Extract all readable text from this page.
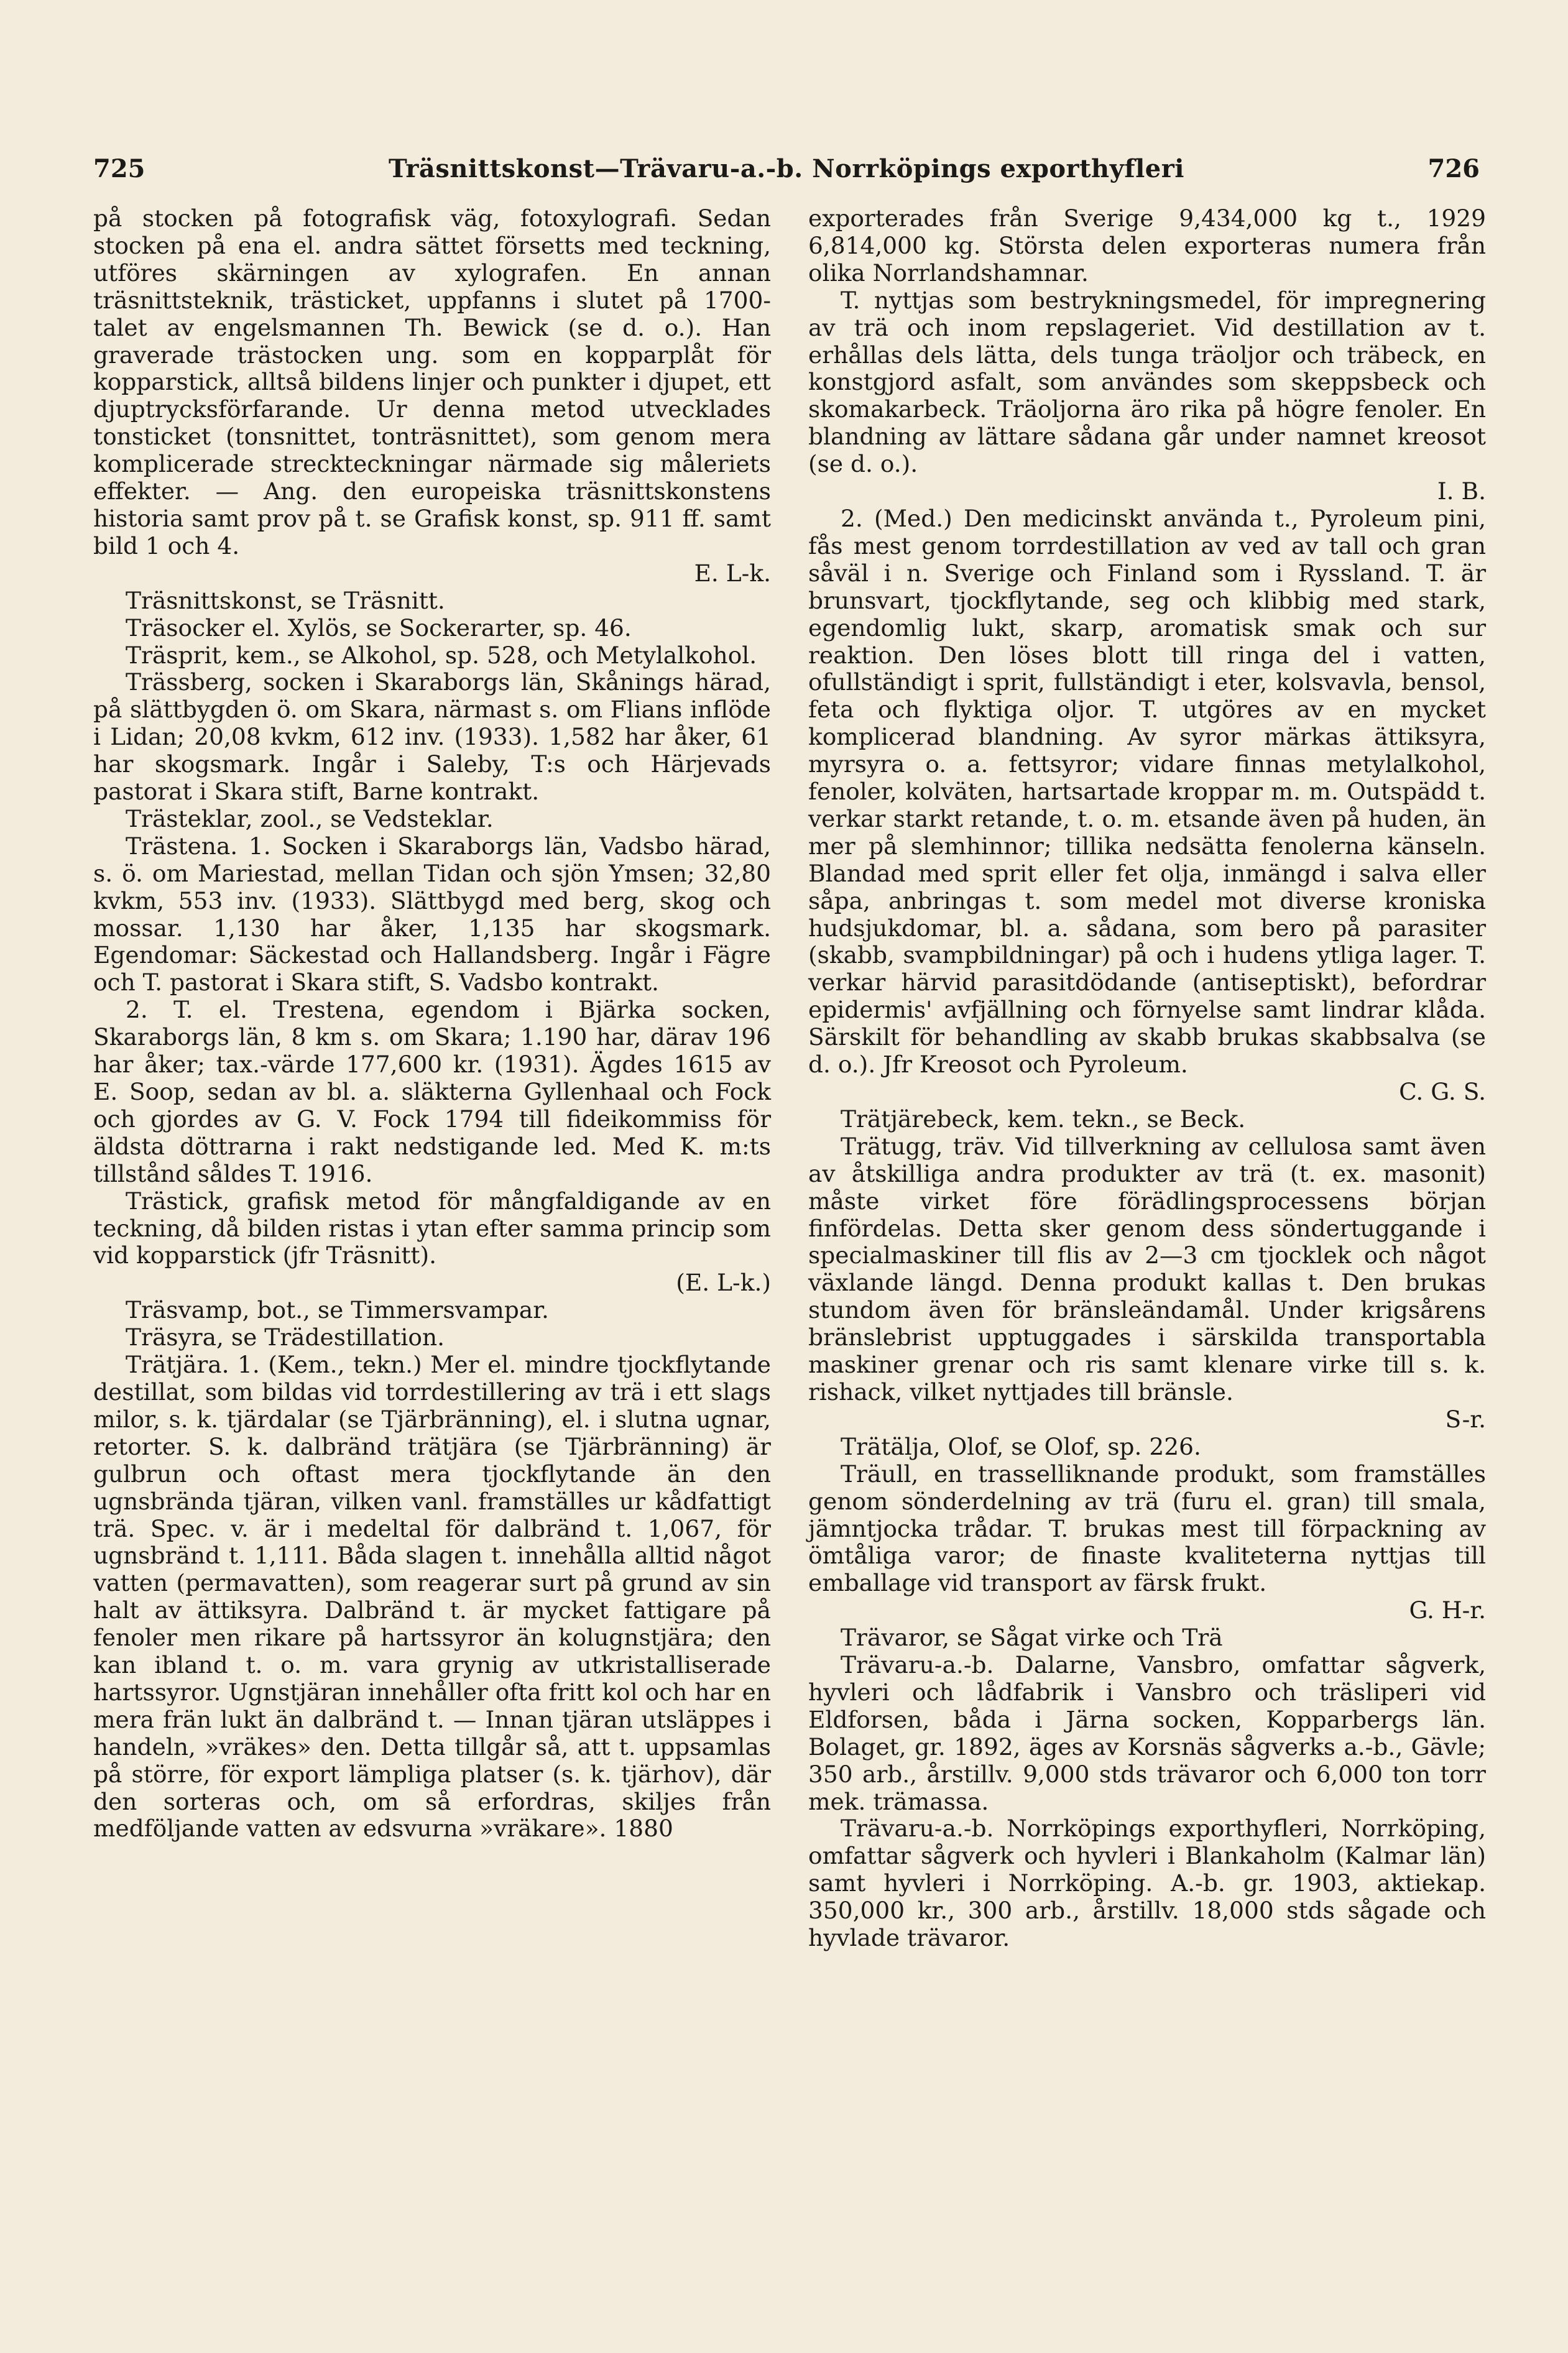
725	Träsnittskonst—Trävaru-a.-b. Norrköpings exporthyfleri	726

på stocken på fotografisk väg, fotoxylografi. Sedan stocken på ena el. andra sättet försetts med teckning, utföres skärningen av xylografen. En annan träsnittsteknik, trästicket, uppfanns i slutet på 1700-talet av engelsmannen Th. Bewick (se d. o.). Han graverade trästocken ung. som en kopparplåt för kopparstick, alltså bildens linjer och punkter i djupet, ett djuptrycksförfarande. Ur denna metod utvecklades tonsticket (tonsnittet, tonträsnittet), som genom mera komplicerade streckteckningar närmade sig måleriets effekter. — Ang. den europeiska träsnittskonstens historia samt prov på t. se Grafisk konst, sp. 911 ff. samt bild 1 och 4.
E. L-k.

Träsnittskonst, se Träsnitt.

Träsocker el. Xylös, se Sockerarter, sp. 46.

Träsprit, kem., se Alkohol, sp. 528, och Metylalkohol.

Trässberg, socken i Skaraborgs län, Skånings härad, på slättbygden ö. om Skara, närmast s. om Flians inflöde i Lidan; 20,08 kvkm, 612 inv. (1933). 1,582 har åker, 61 har skogsmark. Ingår i Saleby, T:s och Härjevads pastorat i Skara stift, Barne kontrakt.

Trästeklar, zool., se Vedsteklar.

Trästena. 1. Socken i Skaraborgs län, Vadsbo härad, s. ö. om Mariestad, mellan Tidan och sjön Ymsen; 32,80 kvkm, 553 inv. (1933). Slättbygd med berg, skog och mossar. 1,130 har åker, 1,135 har skogsmark. Egendomar: Säckestad och Hallandsberg. Ingår i Fägre och T. pastorat i Skara stift, S. Vadsbo kontrakt.

2. T. el. Trestena, egendom i Bjärka socken, Skaraborgs län, 8 km s. om Skara; 1.190 har, därav 196 har åker; tax.-värde 177,600 kr. (1931). Ägdes 1615 av E. Soop, sedan av bl. a. släkterna Gyllenhaal och Fock och gjordes av G. V. Fock 1794 till fideikommiss för äldsta döttrarna i rakt nedstigande led. Med K. m:ts tillstånd såldes T. 1916.

Trästick, grafisk metod för mångfaldigande av en teckning, då bilden ristas i ytan efter samma princip som vid kopparstick (jfr Träsnitt).
(E. L-k.)

Träsvamp, bot., se Timmersvampar.

Träsyra, se Trädestillation.

Trätjära. 1. (Kem., tekn.) Mer el. mindre tjockflytande destillat, som bildas vid torrdestillering av trä i ett slags milor, s. k. tjärdalar (se Tjärbränning), el. i slutna ugnar, retorter. S. k. dalbränd trätjära (se Tjärbränning) är gulbrun och oftast mera tjockflytande än den ugnsbrända tjäran, vilken vanl. framställes ur kådfattigt trä. Spec. v. är i medeltal för dalbränd t. 1,067, för ugnsbränd t. 1,111. Båda slagen t. innehålla alltid något vatten (permavatten), som reagerar surt på grund av sin halt av ättiksyra. Dalbränd t. är mycket fattigare på fenoler men rikare på hartssyror än kolugnstjära; den kan ibland t. o. m. vara grynig av utkristalliserade hartssyror. Ugnstjäran innehåller ofta fritt kol och har en mera frän lukt än dalbränd t. — Innan tjäran utsläppes i handeln, »vräkes» den. Detta tillgår så, att t. uppsamlas på större, för export lämpliga platser (s. k. tjärhov), där den sorteras och, om så erfordras, skiljes från medföljande vatten av edsvurna »vräkare». 1880

exporterades från Sverige 9,434,000 kg t., 1929 6,814,000 kg. Största delen exporteras numera från olika Norrlandshamnar.

T. nyttjas som bestrykningsmedel, för impregnering av trä och inom repslageriet. Vid destillation av t. erhållas dels lätta, dels tunga träoljor och träbeck, en konstgjord asfalt, som användes som skeppsbeck och skomakarbeck. Träoljorna äro rika på högre fenoler. En blandning av lättare sådana går under namnet kreosot (se d. o.).
I. B.

2. (Med.) Den medicinskt använda t., Pyroleum pini, fås mest genom torrdestillation av ved av tall och gran såväl i n. Sverige och Finland som i Ryssland. T. är brunsvart, tjockflytande, seg och klibbig med stark, egendomlig lukt, skarp, aromatisk smak och sur reaktion. Den löses blott till ringa del i vatten, ofullständigt i sprit, fullständigt i eter, kolsvavla, bensol, feta och flyktiga oljor. T. utgöres av en mycket komplicerad blandning. Av syror märkas ättiksyra, myrsyra o. a. fettsyror; vidare finnas metylalkohol, fenoler, kolväten, hartsartade kroppar m. m. Outspädd t. verkar starkt retande, t. o. m. etsande även på huden, än mer på slemhinnor; tillika nedsätta fenolerna känseln. Blandad med sprit eller fet olja, inmängd i salva eller såpa, anbringas t. som medel mot diverse kroniska hudsjukdomar, bl. a. sådana, som bero på parasiter (skabb, svampbildningar) på och i hudens ytliga lager. T. verkar härvid parasitdödande (antiseptiskt), befordrar epidermis' avfjällning och förnyelse samt lindrar klåda. Särskilt för behandling av skabb brukas skabbsalva (se d. o.). Jfr Kreosot och Pyroleum.
C. G. S.

Trätjärebeck, kem. tekn., se Beck.

Trätugg, träv. Vid tillverkning av cellulosa samt även av åtskilliga andra produkter av trä (t. ex. masonit) måste virket före förädlingsprocessens början finfördelas. Detta sker genom dess söndertuggande i specialmaskiner till flis av 2—3 cm tjocklek och något växlande längd. Denna produkt kallas t. Den brukas stundom även för bränsleändamål. Under krigsårens bränslebrist upptuggades i särskilda transportabla maskiner grenar och ris samt klenare virke till s. k. rishack, vilket nyttjades till bränsle.
S-r.

Trätälja, Olof, se Olof, sp. 226.

Träull, en trasselliknande produkt, som framställes genom sönderdelning av trä (furu el. gran) till smala, jämntjocka trådar. T. brukas mest till förpackning av ömtåliga varor; de finaste kvaliteterna nyttjas till emballage vid transport av färsk frukt.
G. H-r.

Trävaror, se Sågat virke och Trä

Trävaru-a.-b. Dalarne, Vansbro, omfattar sågverk, hyvleri och lådfabrik i Vansbro och träsliperi vid Eldforsen, båda i Järna socken, Kopparbergs län. Bolaget, gr. 1892, äges av Korsnäs sågverks a.-b., Gävle; 350 arb., årstillv. 9,000 stds trävaror och 6,000 ton torr mek. trämassa.

Trävaru-a.-b. Norrköpings exporthyfleri, Norrköping, omfattar sågverk och hyvleri i Blankaholm (Kalmar län) samt hyvleri i Norrköping. A.-b. gr. 1903, aktiekap. 350,000 kr., 300 arb., årstillv. 18,000 stds sågade och hyvlade trävaror.
